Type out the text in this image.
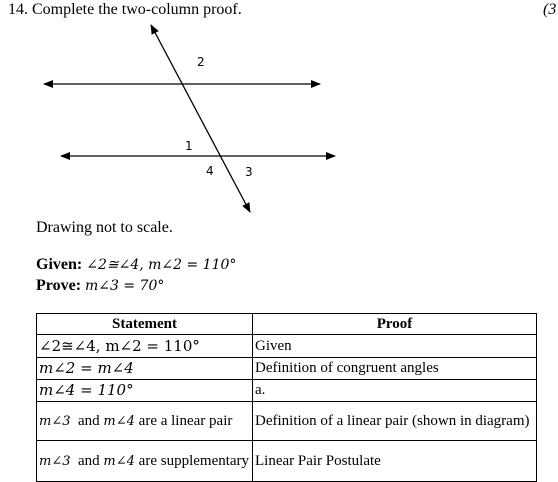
14. Complete the two-column proof.	(3
2
1
4	3
Drawing not to scale.
Given: ∠2≅∠4, m∠2 = 110°
Prove: m∠3 = 70°
Statement	Proof
∠2≅∠4, m∠2 = 110°	Given
m∠2 = m∠4	Definition of congruent angles
m∠4 = 110°	a.
m∠3 and m∠4 are a linear pair	Definition of a linear pair (shown in diagram)
m∠3 and m∠4 are supplementary	Linear Pair Postulate
